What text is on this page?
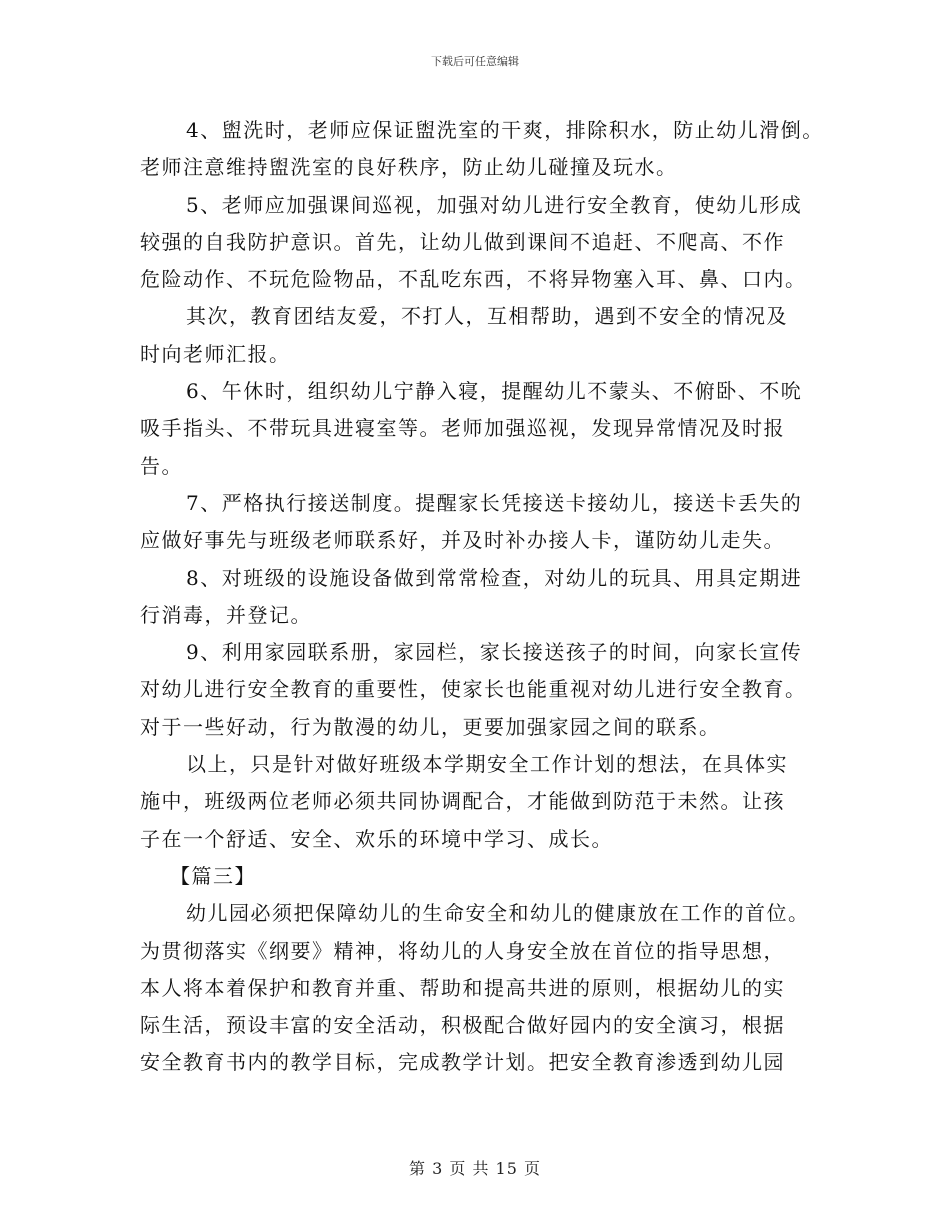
下载后可任意编辑
4、盥洗时，老师应保证盥洗室的干爽，排除积水，防止幼儿滑倒。
老师注意维持盥洗室的良好秩序，防止幼儿碰撞及玩水。
5、老师应加强课间巡视，加强对幼儿进行安全教育，使幼儿形成
较强的自我防护意识。首先，让幼儿做到课间不追赶、不爬高、不作
危险动作、不玩危险物品，不乱吃东西，不将异物塞入耳、鼻、口内。
其次，教育团结友爱，不打人，互相帮助，遇到不安全的情况及
时向老师汇报。
6、午休时，组织幼儿宁静入寝，提醒幼儿不蒙头、不俯卧、不吮
吸手指头、不带玩具进寝室等。老师加强巡视，发现异常情况及时报
告。
7、严格执行接送制度。提醒家长凭接送卡接幼儿，接送卡丢失的
应做好事先与班级老师联系好，并及时补办接人卡，谨防幼儿走失。
8、对班级的设施设备做到常常检查，对幼儿的玩具、用具定期进
行消毒，并登记。
9、利用家园联系册，家园栏，家长接送孩子的时间，向家长宣传
对幼儿进行安全教育的重要性，使家长也能重视对幼儿进行安全教育。
对于一些好动，行为散漫的幼儿，更要加强家园之间的联系。
以上，只是针对做好班级本学期安全工作计划的想法，在具体实
施中，班级两位老师必须共同协调配合，才能做到防范于未然。让孩
子在一个舒适、安全、欢乐的环境中学习、成长。
【篇三】
幼儿园必须把保障幼儿的生命安全和幼儿的健康放在工作的首位。
为贯彻落实《纲要》精神，将幼儿的人身安全放在首位的指导思想，
本人将本着保护和教育并重、帮助和提高共进的原则，根据幼儿的实
际生活，预设丰富的安全活动，积极配合做好园内的安全演习，根据
安全教育书内的教学目标，完成教学计划。把安全教育渗透到幼儿园
第 3 页 共 15 页
